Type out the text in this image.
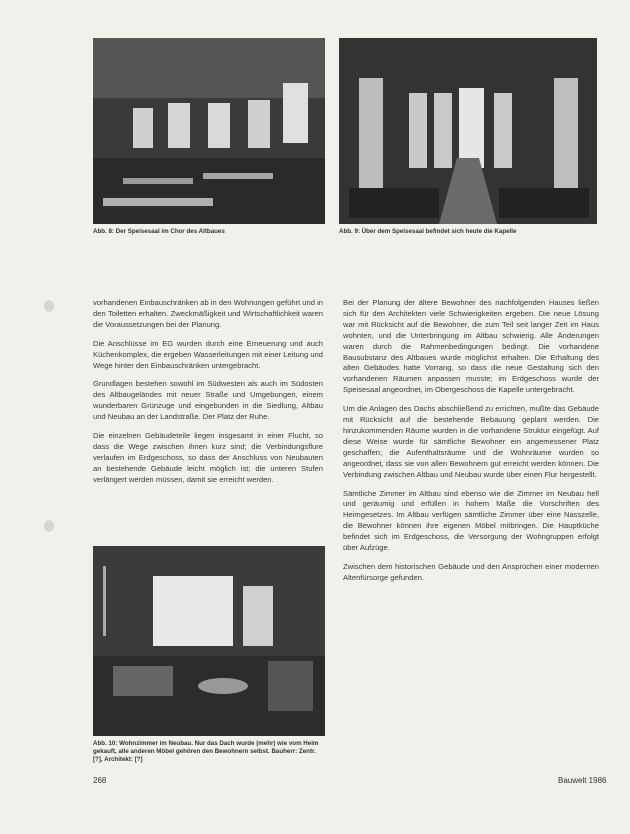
Abb. 8: Der Speisesaal im Chor des Altbaues	Abb. 9: Über dem Speisesaal befindet sich heute die Kapelle

vorhandenen Einbauschränken ab in den Wohnungen geführt und in den Toiletten erhalten. Zweckmäßigkeit und Wirtschaftlichkeit waren die Voraussetzungen bei der Planung.

Die Anschlüsse im EG wurden durch eine Erneuerung und auch Küchenkomplex, die ergeben Wasserleitungen mit einer Leitung und Wege hinter den Einbauschränken untergebracht.

Grundlagen bestehen sowohl im Südwesten als auch im Südosten des Altbaugeländes mit neuer Straße und Umgebungen, einem wunderbaren Grünzuge und eingebunden in die Siedlung, Altbau und Neubau an der Landstraße. Der Platz der Ruhe.

Die einzelnen Gebäudeteile liegen insgesamt in einer Flucht, so dass die Wege zwischen ihnen kurz sind; die Verbindungsflure verlaufen im Erdgeschoss, so dass der Anschluss von Neubauten an bestehende Gebäude leicht möglich ist; die unteren Stufen verlängert werden müssen, damit sie erreicht werden.

Abb. 10: Wohnzimmer im Neubau. Nur das Dach wurde (mehr) wie vom Heim gekauft, alle anderen Möbel gehören den Bewohnern selbst. Bauherr: Zentr. [?], Architekt: [?]

Bei der Planung der ältere Bewohner des nachfolgenden Hauses ließen sich für den Architekten viele Schwierigkeiten ergeben. Die neue Lösung war mit Rücksicht auf die Bewohner, die zum Teil seit langer Zeit im Haus wohnten, und die Unterbringung im Altbau schwierig. Alle Änderungen waren durch die Rahmenbedingungen bedingt. Die vorhandene Bausubstanz des Altbaues wurde möglichst erhalten. Die Erhaltung des alten Gebäudes hatte Vorrang, so dass die neue Gestaltung sich den vorhandenen Räumen anpassen musste; im Erdgeschoss wurde der Speisesaal angeordnet, im Obergeschoss die Kapelle untergebracht.

Um die Anlagen des Dachs abschließend zu errichten, mußte das Gebäude mit Rücksicht auf die bestehende Bebauung geplant werden. Die hinzukommenden Räume wurden in die vorhandene Struktur eingefügt. Auf diese Weise wurde für sämtliche Bewohner ein angemessener Platz geschaffen; die Aufenthaltsräume und die Wohnräume wurden so angeordnet, dass sie von allen Bewohnern gut erreicht werden können. Die Verbindung zwischen Altbau und Neubau wurde über einen Flur hergestellt.

Sämtliche Zimmer im Altbau sind ebenso wie die Zimmer im Neubau hell und geräumig und erfüllen in hohem Maße die Vorschriften des Heimgesetzes. Im Altbau verfügen sämtliche Zimmer über eine Nasszelle, die Bewohner können ihre eigenen Möbel mitbringen. Die Hauptküche befindet sich im Erdgeschoss, die Versorgung der Wohngruppen erfolgt über Aufzüge.

Zwischen dem historischen Gebäude und den Ansprüchen einer modernen Altenfürsorge gefunden.

268	Bauwelt 1986
